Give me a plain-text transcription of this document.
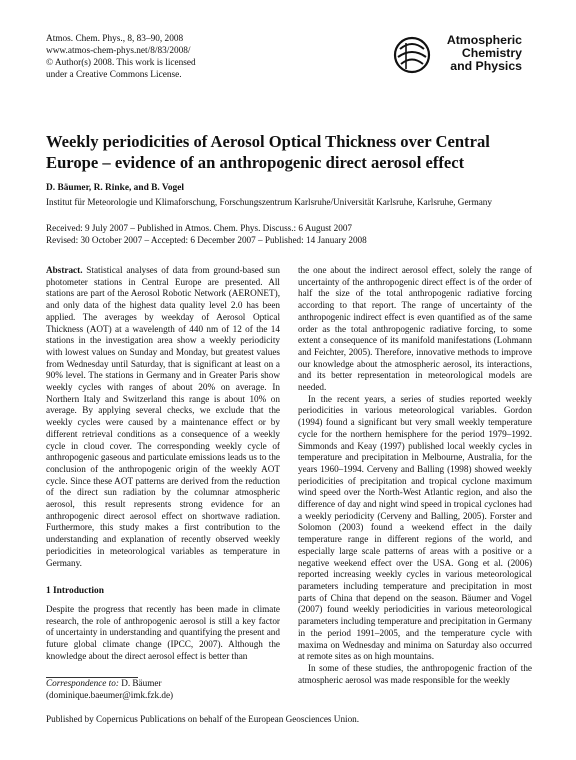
Atmos. Chem. Phys., 8, 83–90, 2008
www.atmos-chem-phys.net/8/83/2008/
© Author(s) 2008. This work is licensed
under a Creative Commons License.
Atmospheric
Chemistry
and Physics
Weekly periodicities of Aerosol Optical Thickness over Central Europe – evidence of an anthropogenic direct aerosol effect
D. Bäumer, R. Rinke, and B. Vogel
Institut für Meteorologie und Klimaforschung, Forschungszentrum Karlsruhe/Universität Karlsruhe, Karlsruhe, Germany
Received: 9 July 2007 – Published in Atmos. Chem. Phys. Discuss.: 6 August 2007
Revised: 30 October 2007 – Accepted: 6 December 2007 – Published: 14 January 2008

Abstract. Statistical analyses of data from ground-based sun photometer stations in Central Europe are presented. All stations are part of the Aerosol Robotic Network (AERONET), and only data of the highest data quality level 2.0 has been applied. The averages by weekday of Aerosol Optical Thickness (AOT) at a wavelength of 440 nm of 12 of the 14 stations in the investigation area show a weekly periodicity with lowest values on Sunday and Monday, but greatest values from Wednesday until Saturday, that is significant at least on a 90% level. The stations in Germany and in Greater Paris show weekly cycles with ranges of about 20% on average. In Northern Italy and Switzerland this range is about 10% on average. By applying several checks, we exclude that the weekly cycles were caused by a maintenance effect or by different retrieval conditions as a consequence of a weekly cycle in cloud cover. The corresponding weekly cycle of anthropogenic gaseous and particulate emissions leads us to the conclusion of the anthropogenic origin of the weekly AOT cycle. Since these AOT patterns are derived from the reduction of the direct sun radiation by the columnar atmospheric aerosol, this result represents strong evidence for an anthropogenic direct aerosol effect on shortwave radiation. Furthermore, this study makes a first contribution to the understanding and explanation of recently observed weekly periodicities in meteorological variables as temperature in Germany.

1 Introduction

Despite the progress that recently has been made in climate research, the role of anthropogenic aerosol is still a key factor of uncertainty in understanding and quantifying the present and future global climate change (IPCC, 2007). Although the knowledge about the direct aerosol effect is better than

Correspondence to: D. Bäumer
(dominique.baeumer@imk.fzk.de)

the one about the indirect aerosol effect, solely the range of uncertainty of the anthropogenic direct effect is of the order of half the size of the total anthropogenic radiative forcing according to that report. The range of uncertainty of the anthropogenic indirect effect is even quantified as of the same order as the total anthropogenic radiative forcing, to some extent a consequence of its manifold manifestations (Lohmann and Feichter, 2005). Therefore, innovative methods to improve our knowledge about the atmospheric aerosol, its interactions, and its better representation in meteorological models are needed.

In the recent years, a series of studies reported weekly periodicities in various meteorological variables. Gordon (1994) found a significant but very small weekly temperature cycle for the northern hemisphere for the period 1979–1992. Simmonds and Keay (1997) published local weekly cycles in temperature and precipitation in Melbourne, Australia, for the years 1960–1994. Cerveny and Balling (1998) showed weekly periodicities of precipitation and tropical cyclone maximum wind speed over the North-West Atlantic region, and also the difference of day and night wind speed in tropical cyclones had a weekly periodicity (Cerveny and Balling, 2005). Forster and Solomon (2003) found a weekend effect in the daily temperature range in different regions of the world, and especially large scale patterns of areas with a positive or a negative weekend effect over the USA. Gong et al. (2006) reported increasing weekly cycles in various meteorological parameters including temperature and precipitation in most parts of China that depend on the season. Bäumer and Vogel (2007) found weekly periodicities in various meteorological parameters including temperature and precipitation in Germany in the period 1991–2005, and the temperature cycle with maxima on Wednesday and minima on Saturday also occurred at remote sites as on high mountains.

In some of these studies, the anthropogenic fraction of the atmospheric aerosol was made responsible for the weekly

Published by Copernicus Publications on behalf of the European Geosciences Union.
